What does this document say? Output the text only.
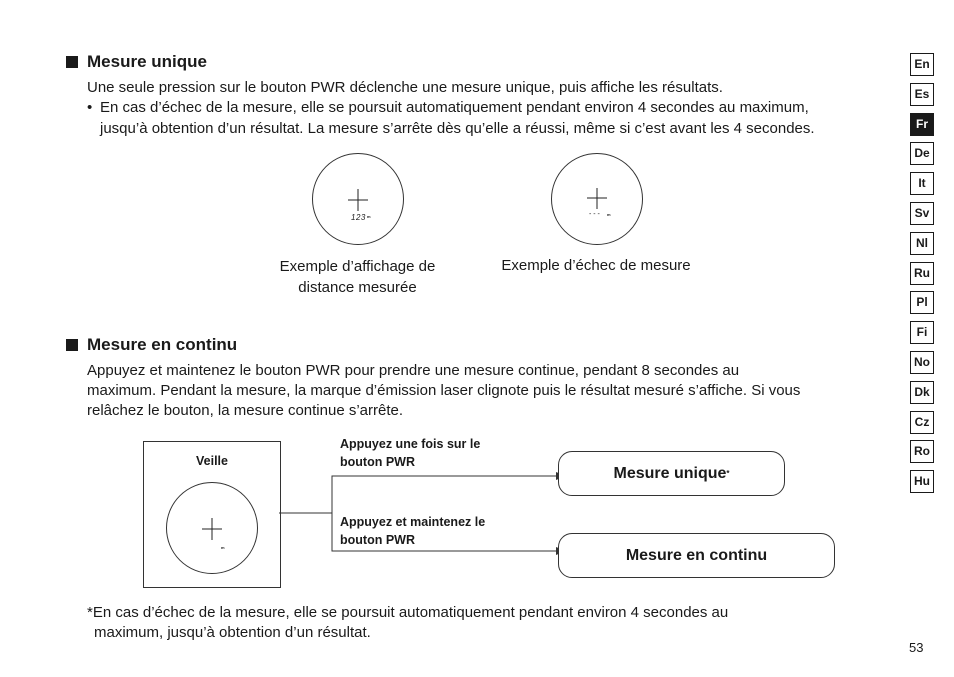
Mesure unique
Une seule pression sur le bouton PWR déclenche une mesure unique, puis affiche les résultats.
• En cas d’échec de la mesure, elle se poursuit automatiquement pendant environ 4 secondes au maximum,
jusqu’à obtention d’un résultat. La mesure s’arrête dès qu’elle a réussi, même si c’est avant les 4 secondes.
123 m	- - - m
Exemple d’affichage de
distance mesurée
Exemple d’échec de mesure
Mesure en continu
Appuyez et maintenez le bouton PWR pour prendre une mesure continue, pendant 8 secondes au
maximum. Pendant la mesure, la marque d’émission laser clignote puis le résultat mesuré s’affiche. Si vous
relâchez le bouton, la mesure continue s’arrête.
Veille
m
Appuyez une fois sur le
bouton PWR
Appuyez et maintenez le
bouton PWR
Mesure unique *
Mesure en continu
*En cas d’échec de la mesure, elle se poursuit automatiquement pendant environ 4 secondes au
maximum, jusqu’à obtention d’un résultat.
En
Es
Fr
De
It
Sv
Nl
Ru
Pl
Fi
No
Dk
Cz
Ro
Hu
53
